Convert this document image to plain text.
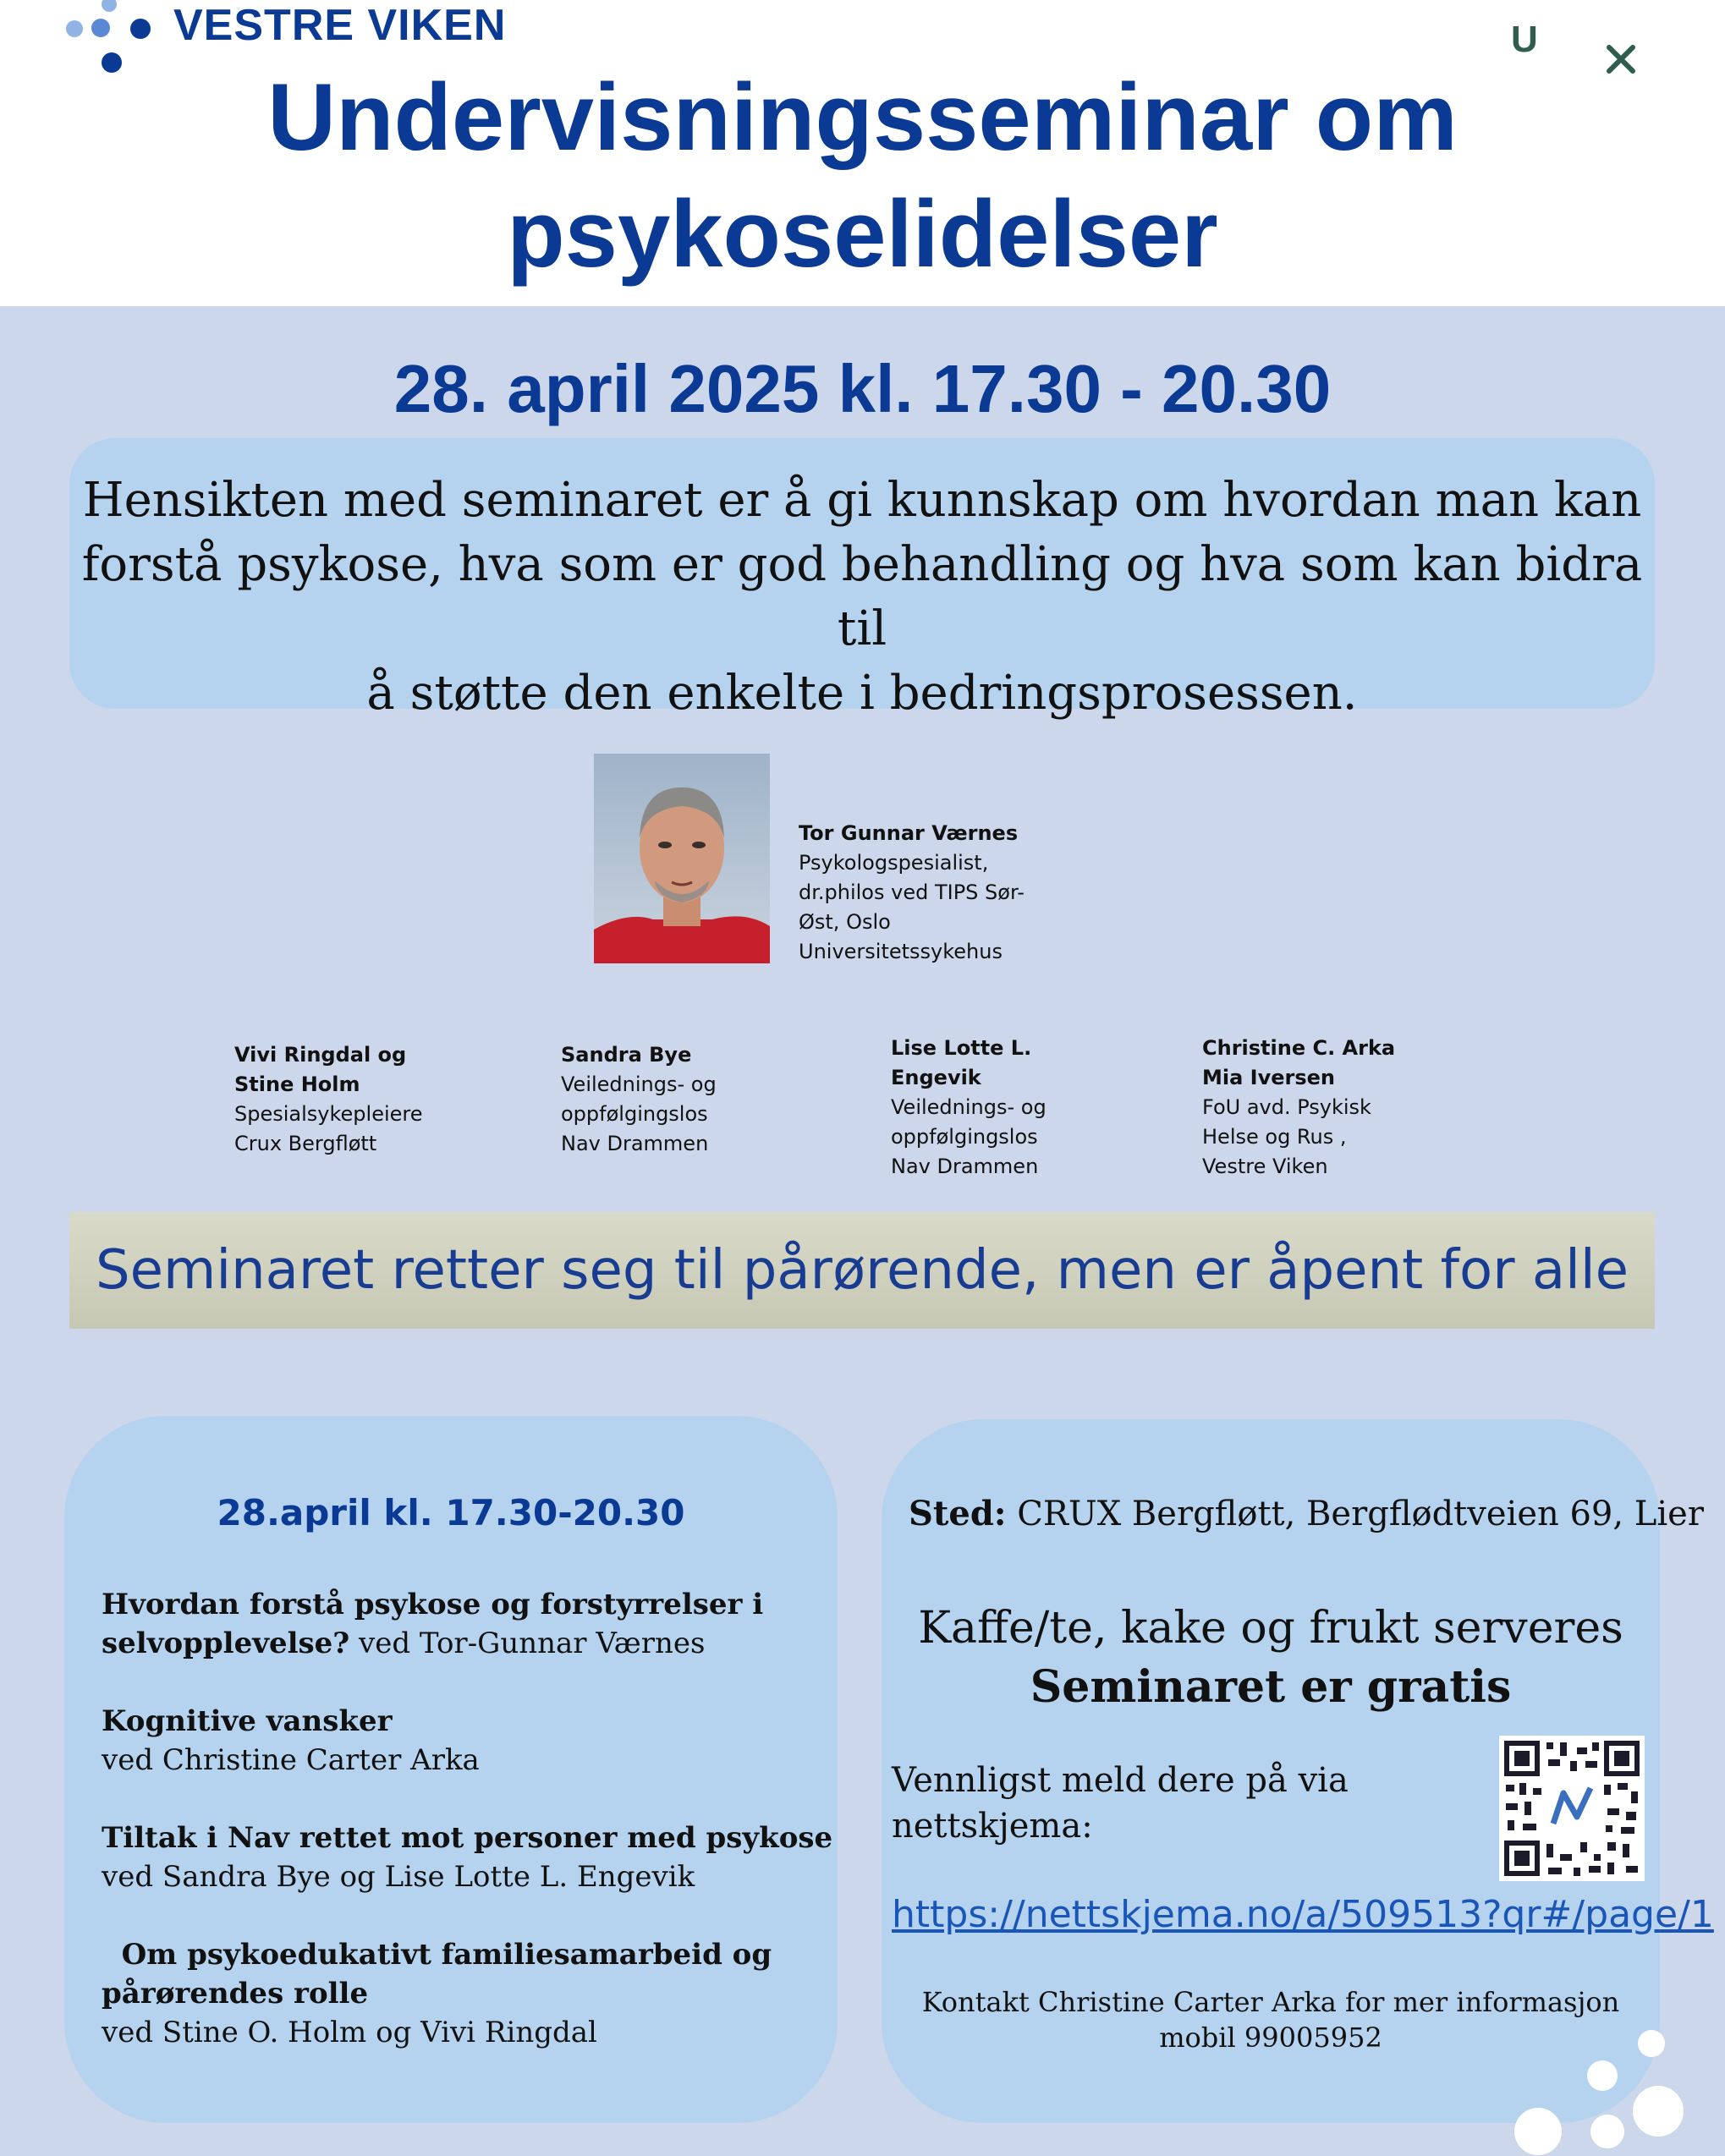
VESTRE VIKEN	U
Undervisningsseminar om
psykoselidelser
28. april 2025 kl. 17.30 - 20.30
Hensikten med seminaret er å gi kunnskap om hvordan man kan
forstå psykose, hva som er god behandling og hva som kan bidra til
å støtte den enkelte i bedringsprosessen.
Tor Gunnar Værnes
Psykologspesialist,
dr.philos ved TIPS Sør-
Øst, Oslo
Universitetssykehus
Vivi Ringdal og
Stine Holm
Spesialsykepleiere
Crux Bergfløtt
Sandra Bye
Veilednings- og
oppfølgingslos
Nav Drammen
Lise Lotte L.
Engevik
Veilednings- og
oppfølgingslos
Nav Drammen
Christine C. Arka
Mia Iversen
FoU avd. Psykisk
Helse og Rus ,
Vestre Viken
Seminaret retter seg til pårørende, men er åpent for alle
28.april kl. 17.30-20.30
Hvordan forstå psykose og forstyrrelser i
selvopplevelse? ved Tor-Gunnar Værnes
Kognitive vansker
ved Christine Carter Arka
Tiltak i Nav rettet mot personer med psykose
ved Sandra Bye og Lise Lotte L. Engevik
Om psykoedukativt familiesamarbeid og
pårørendes rolle
ved Stine O. Holm og Vivi Ringdal
Sted: CRUX Bergfløtt, Bergflødtveien 69, Lier
Kaffe/te, kake og frukt serveres
Seminaret er gratis
Vennligst meld dere på via
nettskjema:
https://nettskjema.no/a/509513?qr#/page/1
Kontakt Christine Carter Arka for mer informasjon
mobil 99005952
